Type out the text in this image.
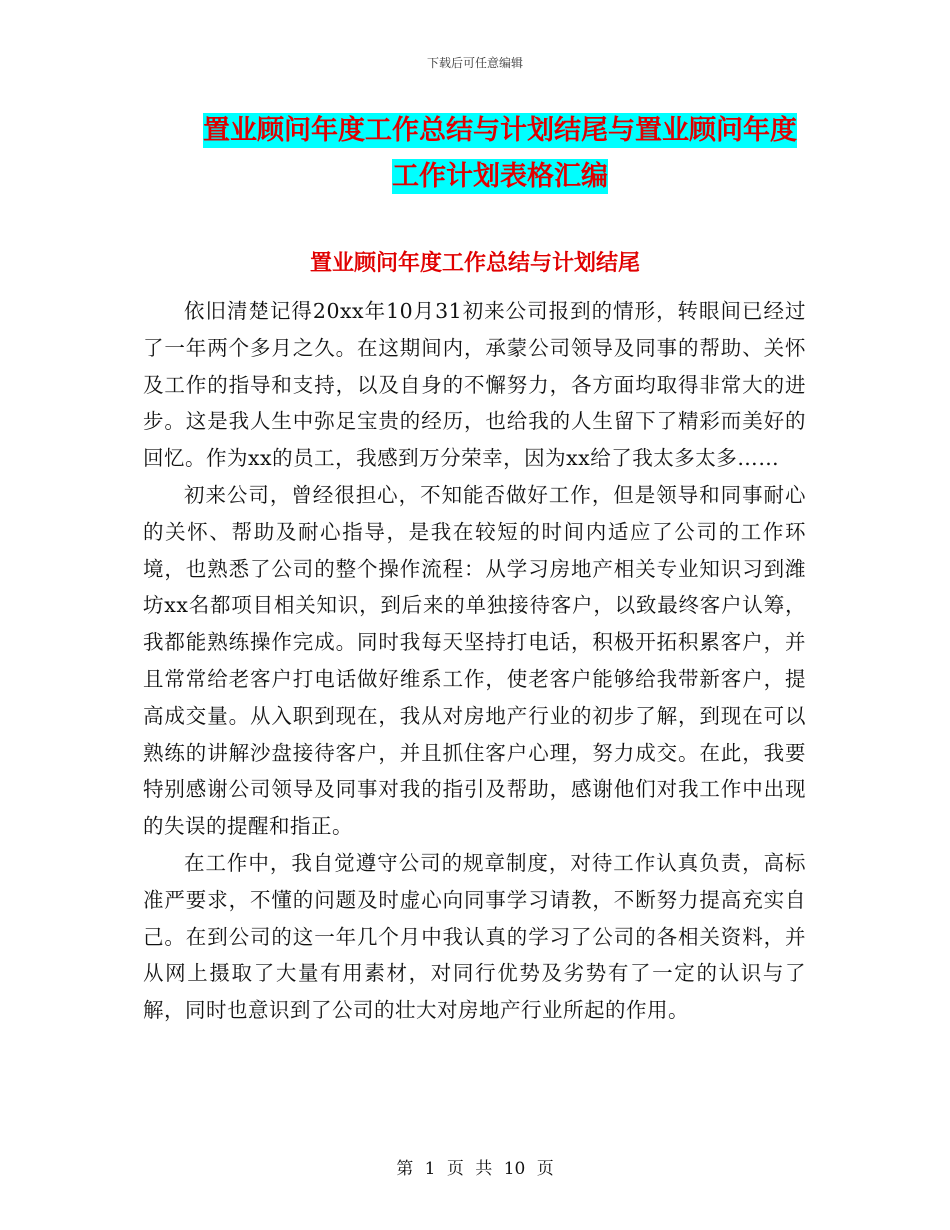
下载后可任意编辑
置业顾问年度工作总结与计划结尾与置业顾问年度工作计划表格汇编
置业顾问年度工作总结与计划结尾

依旧清楚记得20xx年10月31初来公司报到的情形，转眼间已经过了一年两个多月之久。在这期间内，承蒙公司领导及同事的帮助、关怀及工作的指导和支持，以及自身的不懈努力，各方面均取得非常大的进步。这是我人生中弥足宝贵的经历，也给我的人生留下了精彩而美好的回忆。作为xx的员工，我感到万分荣幸，因为xx给了我太多太多……

初来公司，曾经很担心，不知能否做好工作，但是领导和同事耐心的关怀、帮助及耐心指导，是我在较短的时间内适应了公司的工作环境，也熟悉了公司的整个操作流程：从学习房地产相关专业知识习到潍坊xx名都项目相关知识，到后来的单独接待客户，以致最终客户认筹，我都能熟练操作完成。同时我每天坚持打电话，积极开拓积累客户，并且常常给老客户打电话做好维系工作，使老客户能够给我带新客户，提高成交量。从入职到现在，我从对房地产行业的初步了解，到现在可以熟练的讲解沙盘接待客户，并且抓住客户心理，努力成交。在此，我要特别感谢公司领导及同事对我的指引及帮助，感谢他们对我工作中出现的失误的提醒和指正。

在工作中，我自觉遵守公司的规章制度，对待工作认真负责，高标准严要求，不懂的问题及时虚心向同事学习请教，不断努力提高充实自己。在到公司的这一年几个月中我认真的学习了公司的各相关资料，并从网上摄取了大量有用素材，对同行优势及劣势有了一定的认识与了解，同时也意识到了公司的壮大对房地产行业所起的作用。

第 1 页 共 10 页
